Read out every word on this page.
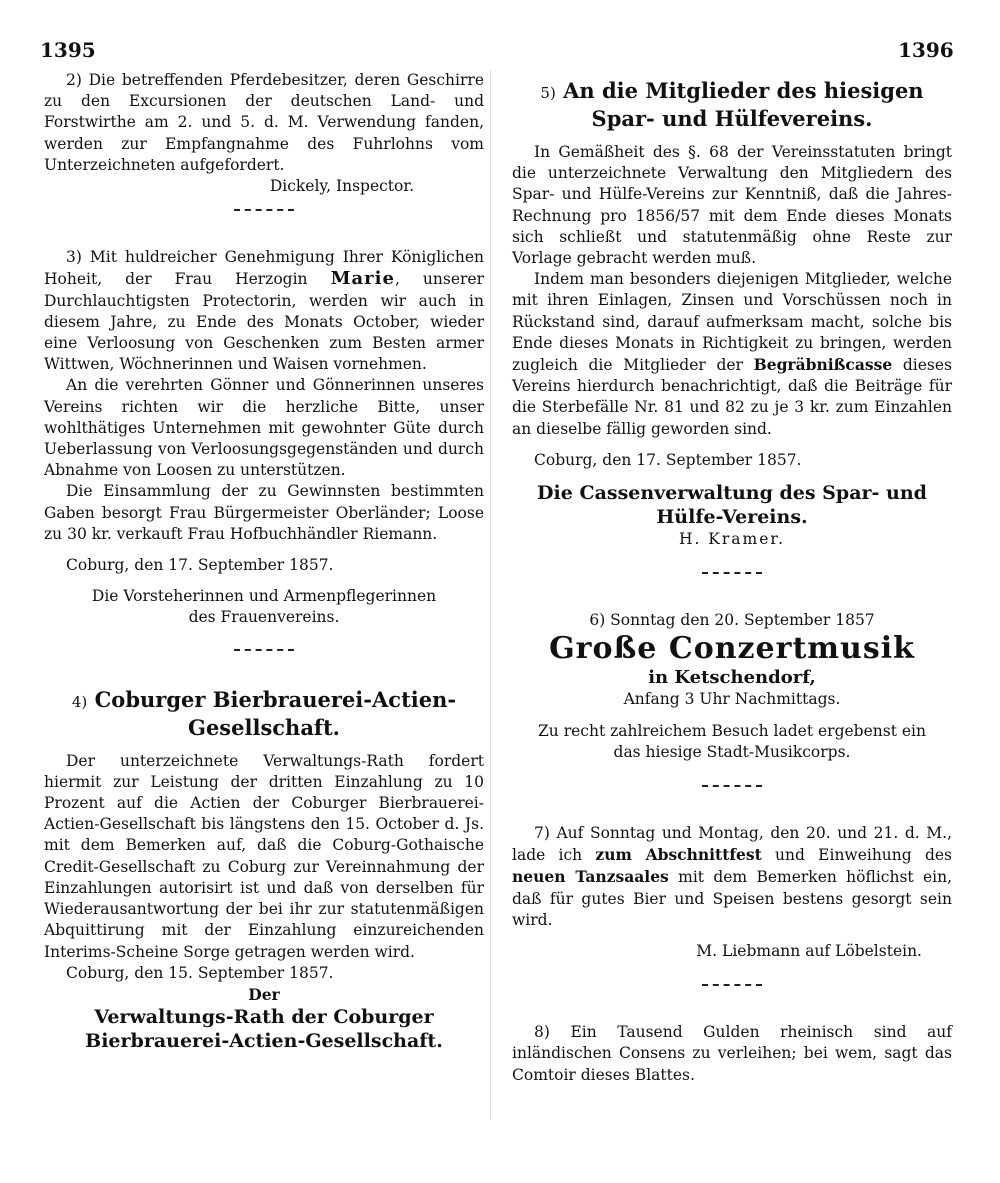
1395	1396

2) Die betreffenden Pferdebesitzer, deren Geschirre zu den Excursionen der deutschen Land- und Forstwirthe am 2. und 5. d. M. Verwendung fanden, werden zur Empfangnahme des Fuhrlohns vom Unterzeichneten aufgefordert.

Dickely, Inspector.

3) Mit huldreicher Genehmigung Ihrer Königlichen Hoheit, der Frau Herzogin Marie, unserer Durchlauchtigsten Protectorin, werden wir auch in diesem Jahre, zu Ende des Monats October, wieder eine Verloosung von Geschenken zum Besten armer Wittwen, Wöchnerinnen und Waisen vornehmen.

An die verehrten Gönner und Gönnerinnen unseres Vereins richten wir die herzliche Bitte, unser wohlthätiges Unternehmen mit gewohnter Güte durch Ueberlassung von Verloosungsgegenständen und durch Abnahme von Loosen zu unterstützen.

Die Einsammlung der zu Gewinnsten bestimmten Gaben besorgt Frau Bürgermeister Oberländer; Loose zu 30 kr. verkauft Frau Hofbuchhändler Riemann.

Coburg, den 17. September 1857.

Die Vorsteherinnen und Armenpflegerinnen des Frauenvereins.

4) Coburger Bierbrauerei-Actien-Gesellschaft.

Der unterzeichnete Verwaltungs-Rath fordert hiermit zur Leistung der dritten Einzahlung zu 10 Prozent auf die Actien der Coburger Bierbrauerei-Actien-Gesellschaft bis längstens den 15. October d. Js. mit dem Bemerken auf, daß die Coburg-Gothaische Credit-Gesellschaft zu Coburg zur Vereinnahmung der Einzahlungen autorisirt ist und daß von derselben für Wiederausantwortung der bei ihr zur statutenmäßigen Abquittirung mit der Einzahlung einzureichenden Interims-Scheine Sorge getragen werden wird.

Coburg, den 15. September 1857.

Der

Verwaltungs-Rath der Coburger Bierbrauerei-Actien-Gesellschaft.

5) An die Mitglieder des hiesigen Spar- und Hülfevereins.

In Gemäßheit des §. 68 der Vereinsstatuten bringt die unterzeichnete Verwaltung den Mitgliedern des Spar- und Hülfe-Vereins zur Kenntniß, daß die Jahres-Rechnung pro 1856/57 mit dem Ende dieses Monats sich schließt und statutenmäßig ohne Reste zur Vorlage gebracht werden muß.

Indem man besonders diejenigen Mitglieder, welche mit ihren Einlagen, Zinsen und Vorschüssen noch in Rückstand sind, darauf aufmerksam macht, solche bis Ende dieses Monats in Richtigkeit zu bringen, werden zugleich die Mitglieder der Begräbnißcasse dieses Vereins hierdurch benachrichtigt, daß die Beiträge für die Sterbefälle Nr. 81 und 82 zu je 3 kr. zum Einzahlen an dieselbe fällig geworden sind.

Coburg, den 17. September 1857.

Die Cassenverwaltung des Spar- und Hülfe-Vereins.

H. Kramer.

6) Sonntag den 20. September 1857

Große Conzertmusik
in Ketschendorf,

Anfang 3 Uhr Nachmittags.

Zu recht zahlreichem Besuch ladet ergebenst ein das hiesige Stadt-Musikcorps.

7) Auf Sonntag und Montag, den 20. und 21. d. M., lade ich zum Abschnittfest und Einweihung des neuen Tanzsaales mit dem Bemerken höflichst ein, daß für gutes Bier und Speisen bestens gesorgt sein wird.

M. Liebmann auf Löbelstein.

8) Ein Tausend Gulden rheinisch sind auf inländischen Consens zu verleihen; bei wem, sagt das Comtoir dieses Blattes.
